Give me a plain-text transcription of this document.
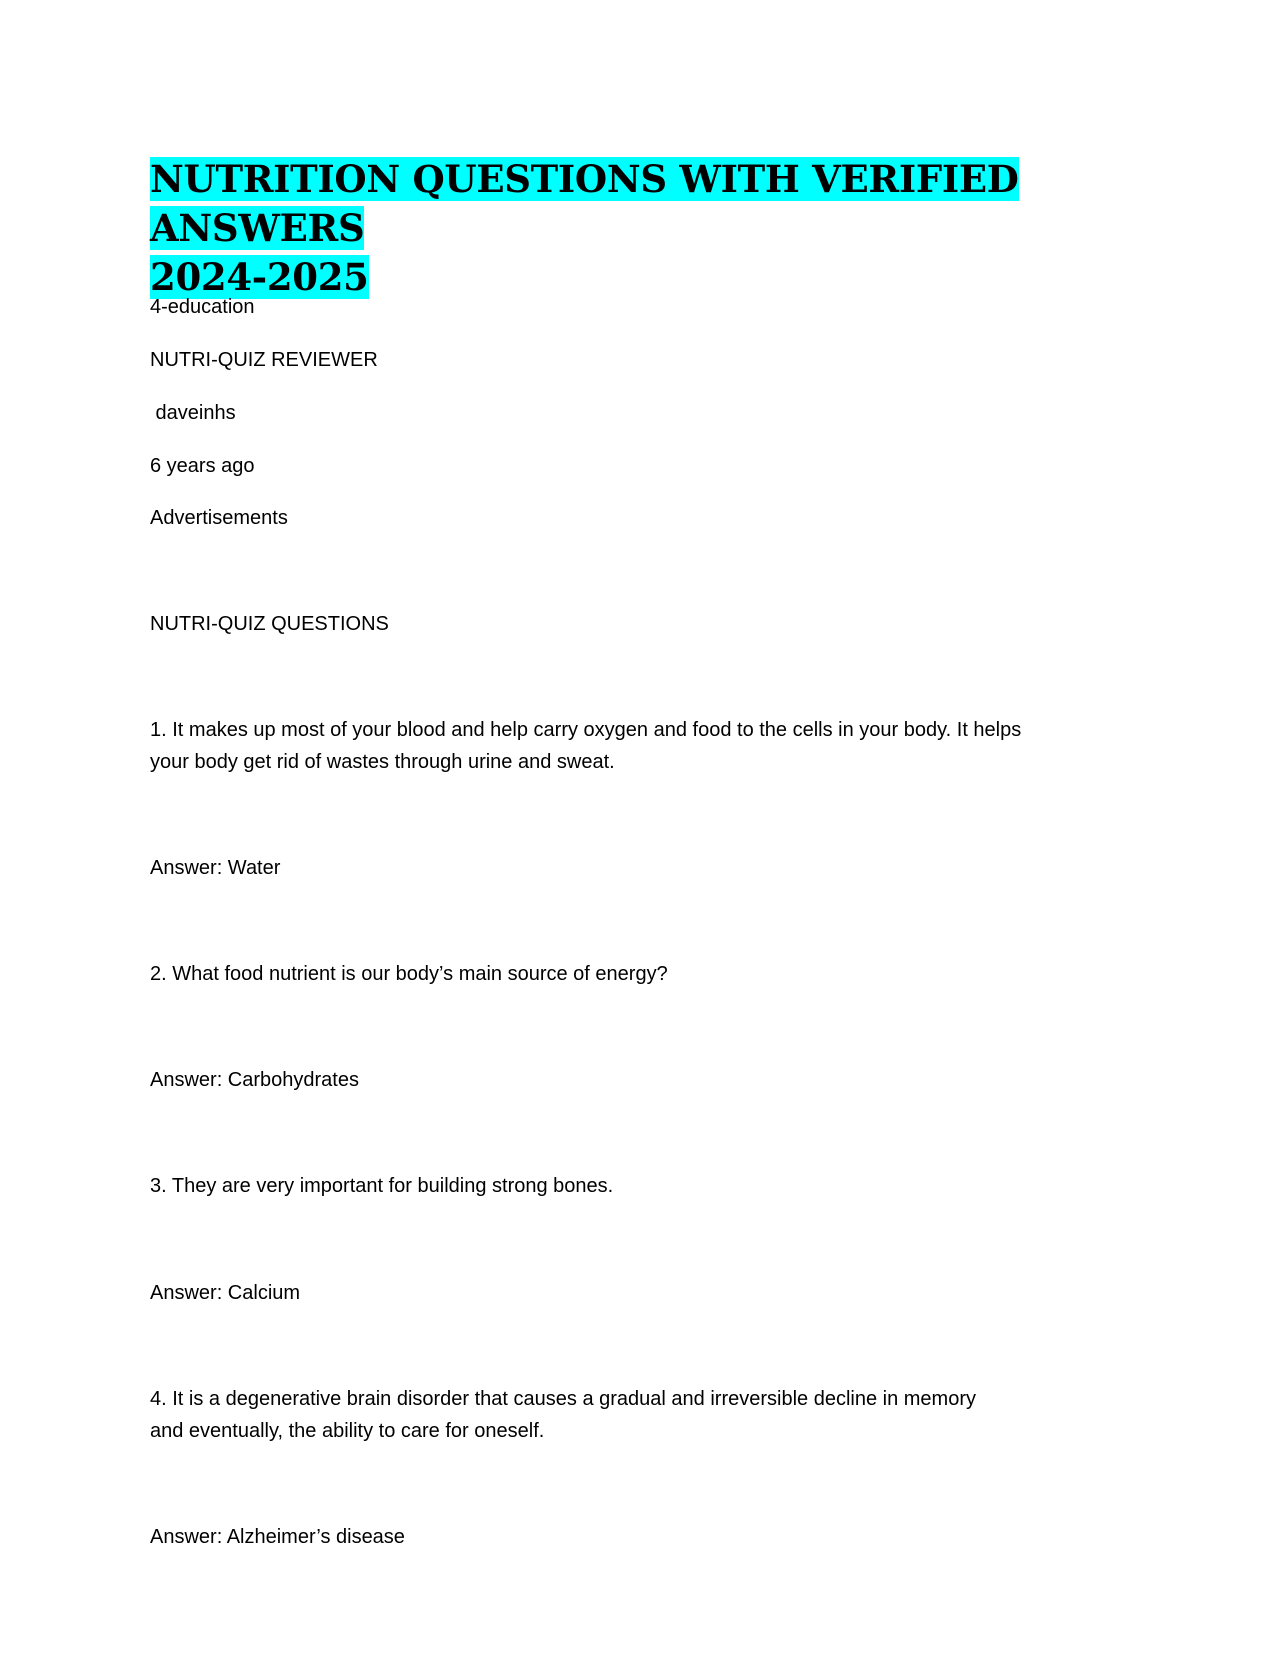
NUTRITION QUESTIONS WITH VERIFIED ANSWERS
2024-2025

4-education

NUTRI-QUIZ REVIEWER

daveinhs

6 years ago

Advertisements

NUTRI-QUIZ QUESTIONS

1. It makes up most of your blood and help carry oxygen and food to the cells in your body. It helps

your body get rid of wastes through urine and sweat.

Answer: Water

2. What food nutrient is our body’s main source of energy?

Answer: Carbohydrates

3. They are very important for building strong bones.

Answer: Calcium

4. It is a degenerative brain disorder that causes a gradual and irreversible decline in memory

and eventually, the ability to care for oneself.

Answer: Alzheimer’s disease
